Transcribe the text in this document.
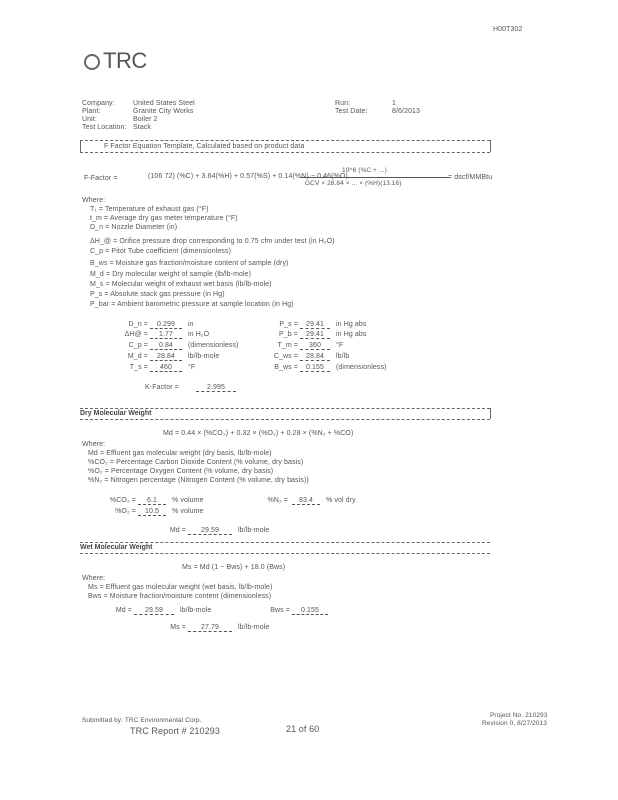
H00T302
TRC
Company:	United States Steel
Plant:	Granite City Works
Unit:	Boiler 2
Test Location: Stack
Run:	1
Test Date:	8/6/2013
F Factor Equation Template, Calculated based on product data
F-Factor =	(106 72) (%C) + 3.64(%H) + 0.57(%S) + 0.14(%N) − 0.46(%O)
10^6 (%C + ...)
GCV × 28.84 × ... × (%H)(13.16)
= dscf/MMBtu
Where:
T₁ = Temperature of exhaust gas (°F)
t_m = Average dry gas meter temperature (°F)
D_n = Nozzle Diameter (in)
ΔH_@ = Orifice pressure drop corresponding to 0.75 cfm under test (in H₂O)
C_p = Pitot Tube coefficient (dimensionless)
B_ws = Moisture gas fraction/moisture content of sample (dry)
M_d = Dry molecular weight of sample (lb/lb-mole)
M_s = Molecular weight of exhaust wet basis (lb/lb-mole)
P_s = Absolute stack gas pressure (in Hg)
P_bar = Ambient barometric pressure at sample location (in Hg)
D_n =	0.299	in
ΔH@ =	1.77	in H₂O
C_p =	0.84	(dimensionless)
M_d =	28.84	lb/lb-mole
T_s =	460	°F
P_s =	29.41	in Hg abs
P_b =	29.41	in Hg abs
T_m =	360	°F
C_ws =	28.84	lb/lb
B_ws =	0.155	(dimensionless)
K-Factor =	2.995
Dry Molecular Weight
Md = 0.44 × (%CO₂) + 0.32 × (%O₂) + 0.28 × (%N₂ + %CO)
Where:
Md = Effluent gas molecular weight (dry basis, lb/lb-mole)
%CO₂ = Percentage Carbon Dioxide Content (% volume, dry basis)
%O₂ = Percentage Oxygen Content (% volume, dry basis)
%N₂ = Nitrogen percentage (Nitrogen Content (% volume, dry basis))
%CO₂ =	6.1	% volume
%O₂ =	10.5	% volume
%N₂ =	83.4	% vol dry
Md =	29.59	lb/lb-mole
Wet Molecular Weight
Ms = Md (1 − Bws) + 18.0 (Bws)
Where:
Ms = Effluent gas molecular weight (wet basis, lb/lb-mole)
Bws = Moisture fraction/moisture content (dimensionless)
Md =	29.59	lb/lb-mole	Bws =	0.155
Ms =	27.79	lb/lb-mole
Submitted by: TRC Environmental Corp.
TRC Report # 210293	21 of 60
Project No. 210293
Revision 0, 8/27/2013
